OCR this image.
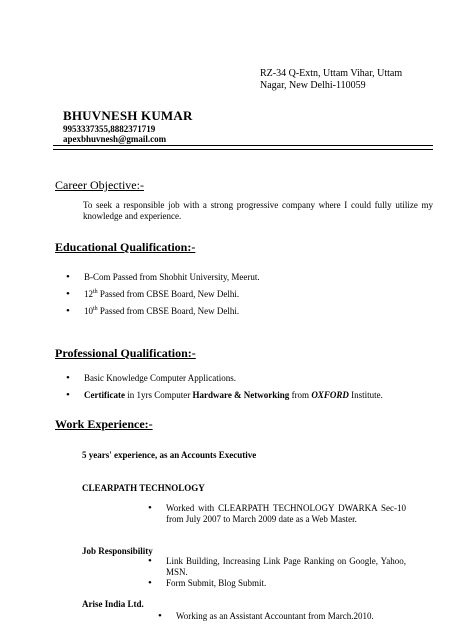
RZ-34 Q-Extn, Uttam Vihar, Uttam
Nagar, New Delhi-110059
BHUVNESH KUMAR
9953337355,8882371719
apexbhuvnesh@gmail.com
Career Objective:-
To seek a responsible job with a strong progressive company where I could fully utilize my knowledge and experience.
Educational Qualification:-
• B-Com Passed from Shobhit University, Meerut.
• 12th Passed from CBSE Board, New Delhi.
• 10th Passed from CBSE Board, New Delhi.
Professional Qualification:-
• Basic Knowledge Computer Applications.
• Certificate in 1yrs Computer Hardware & Networking from OXFORD Institute.
Work Experience:-
5 years' experience, as an Accounts Executive
CLEARPATH TECHNOLOGY
• Worked with CLEARPATH TECHNOLOGY DWARKA Sec-10 from July 2007 to March 2009 date as a Web Master.
Job Responsibility
• Link Building, Increasing Link Page Ranking on Google, Yahoo, MSN.
• Form Submit, Blog Submit.
Arise India Ltd.
• Working as an Assistant Accountant from March.2010.
